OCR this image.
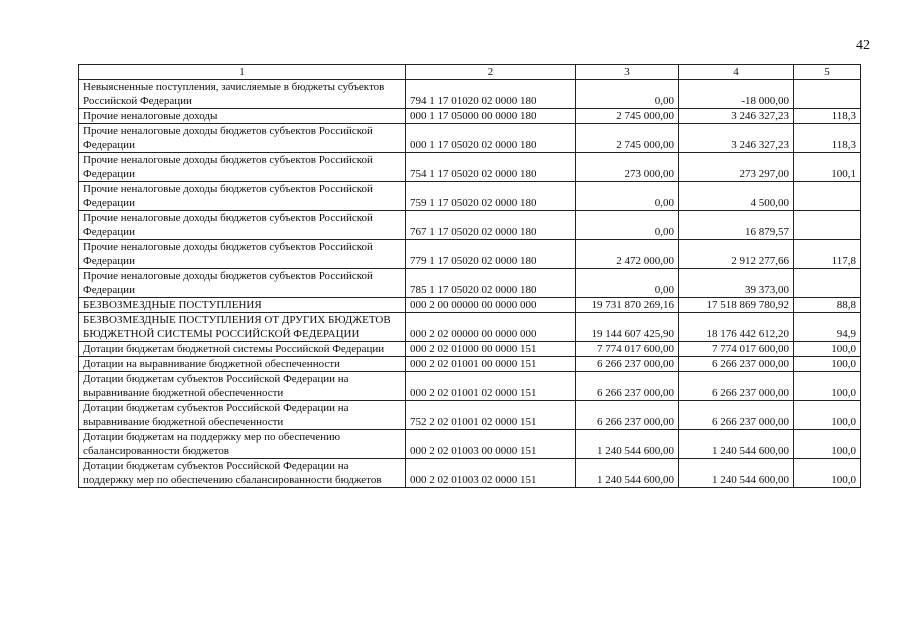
42
1	2	3	4	5
Невыясненные поступления, зачисляемые в бюджеты субъектов Российской Федерации	794 1 17 01020 02 0000 180	0,00	-18 000,00	
Прочие неналоговые доходы	000 1 17 05000 00 0000 180	2 745 000,00	3 246 327,23	118,3
Прочие неналоговые доходы бюджетов субъектов Российской Федерации	000 1 17 05020 02 0000 180	2 745 000,00	3 246 327,23	118,3
Прочие неналоговые доходы бюджетов субъектов Российской Федерации	754 1 17 05020 02 0000 180	273 000,00	273 297,00	100,1
Прочие неналоговые доходы бюджетов субъектов Российской Федерации	759 1 17 05020 02 0000 180	0,00	4 500,00	
Прочие неналоговые доходы бюджетов субъектов Российской Федерации	767 1 17 05020 02 0000 180	0,00	16 879,57	
Прочие неналоговые доходы бюджетов субъектов Российской Федерации	779 1 17 05020 02 0000 180	2 472 000,00	2 912 277,66	117,8
Прочие неналоговые доходы бюджетов субъектов Российской Федерации	785 1 17 05020 02 0000 180	0,00	39 373,00	
БЕЗВОЗМЕЗДНЫЕ ПОСТУПЛЕНИЯ	000 2 00 00000 00 0000 000	19 731 870 269,16	17 518 869 780,92	88,8
БЕЗВОЗМЕЗДНЫЕ ПОСТУПЛЕНИЯ ОТ ДРУГИХ БЮДЖЕТОВ БЮДЖЕТНОЙ СИСТЕМЫ РОССИЙСКОЙ ФЕДЕРАЦИИ	000 2 02 00000 00 0000 000	19 144 607 425,90	18 176 442 612,20	94,9
Дотации бюджетам бюджетной системы Российской Федерации	000 2 02 01000 00 0000 151	7 774 017 600,00	7 774 017 600,00	100,0
Дотации на выравнивание бюджетной обеспеченности	000 2 02 01001 00 0000 151	6 266 237 000,00	6 266 237 000,00	100,0
Дотации бюджетам субъектов Российской Федерации на выравнивание бюджетной обеспеченности	000 2 02 01001 02 0000 151	6 266 237 000,00	6 266 237 000,00	100,0
Дотации бюджетам субъектов Российской Федерации на выравнивание бюджетной обеспеченности	752 2 02 01001 02 0000 151	6 266 237 000,00	6 266 237 000,00	100,0
Дотации бюджетам на поддержку мер по обеспечению сбалансированности бюджетов	000 2 02 01003 00 0000 151	1 240 544 600,00	1 240 544 600,00	100,0
Дотации бюджетам субъектов Российской Федерации на поддержку мер по обеспечению сбалансированности бюджетов	000 2 02 01003 02 0000 151	1 240 544 600,00	1 240 544 600,00	100,0
